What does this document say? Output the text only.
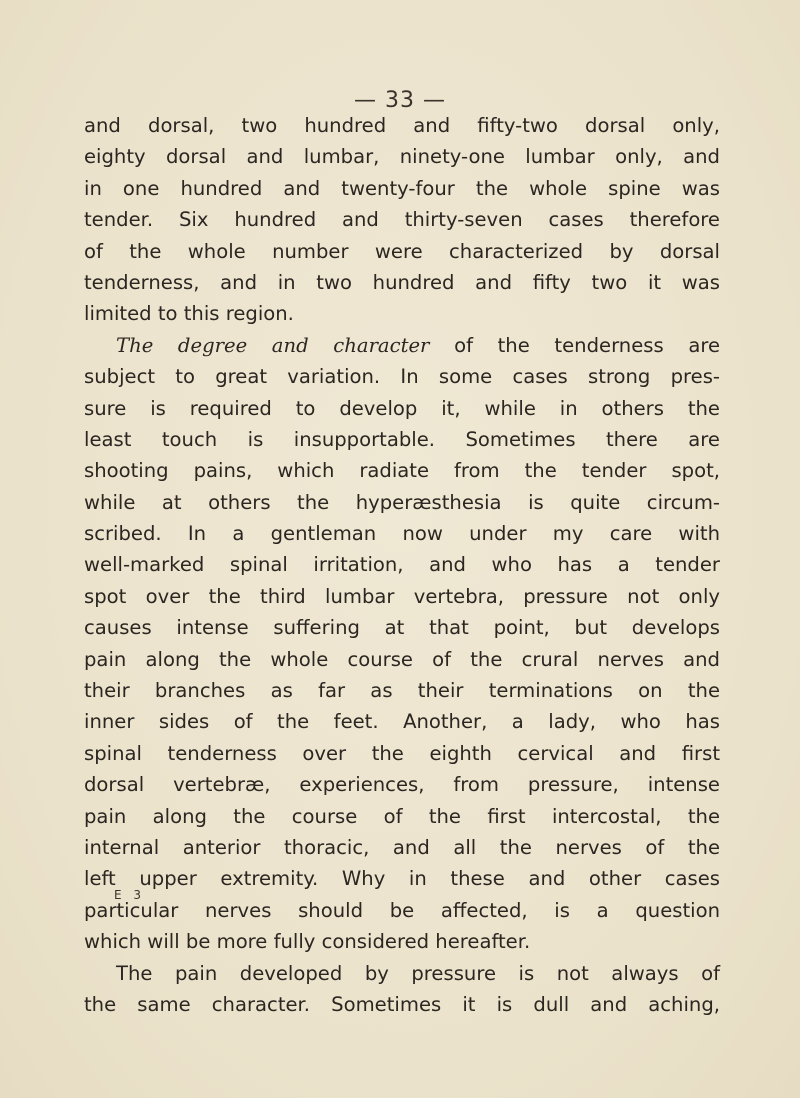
— 33 —
and dorsal, two hundred and fifty-two dorsal only,
eighty dorsal and lumbar, ninety-one lumbar only, and
in one hundred and twenty-four the whole spine was
tender. Six hundred and thirty-seven cases therefore
of the whole number were characterized by dorsal
tenderness, and in two hundred and fifty two it was
limited to this region.
The degree and character of the tenderness are
subject to great variation. In some cases strong pres-
sure is required to develop it, while in others the
least touch is insupportable. Sometimes there are
shooting pains, which radiate from the tender spot,
while at others the hyperæsthesia is quite circum-
scribed. In a gentleman now under my care with
well-marked spinal irritation, and who has a tender
spot over the third lumbar vertebra, pressure not only
causes intense suffering at that point, but develops
pain along the whole course of the crural nerves and
their branches as far as their terminations on the
inner sides of the feet. Another, a lady, who has
spinal tenderness over the eighth cervical and first
dorsal vertebræ, experiences, from pressure, intense
pain along the course of the first intercostal, the
internal anterior thoracic, and all the nerves of the
left upper extremity. Why in these and other cases
particular nerves should be affected, is a question
which will be more fully considered hereafter.
The pain developed by pressure is not always of
the same character. Sometimes it is dull and aching,
E 3
